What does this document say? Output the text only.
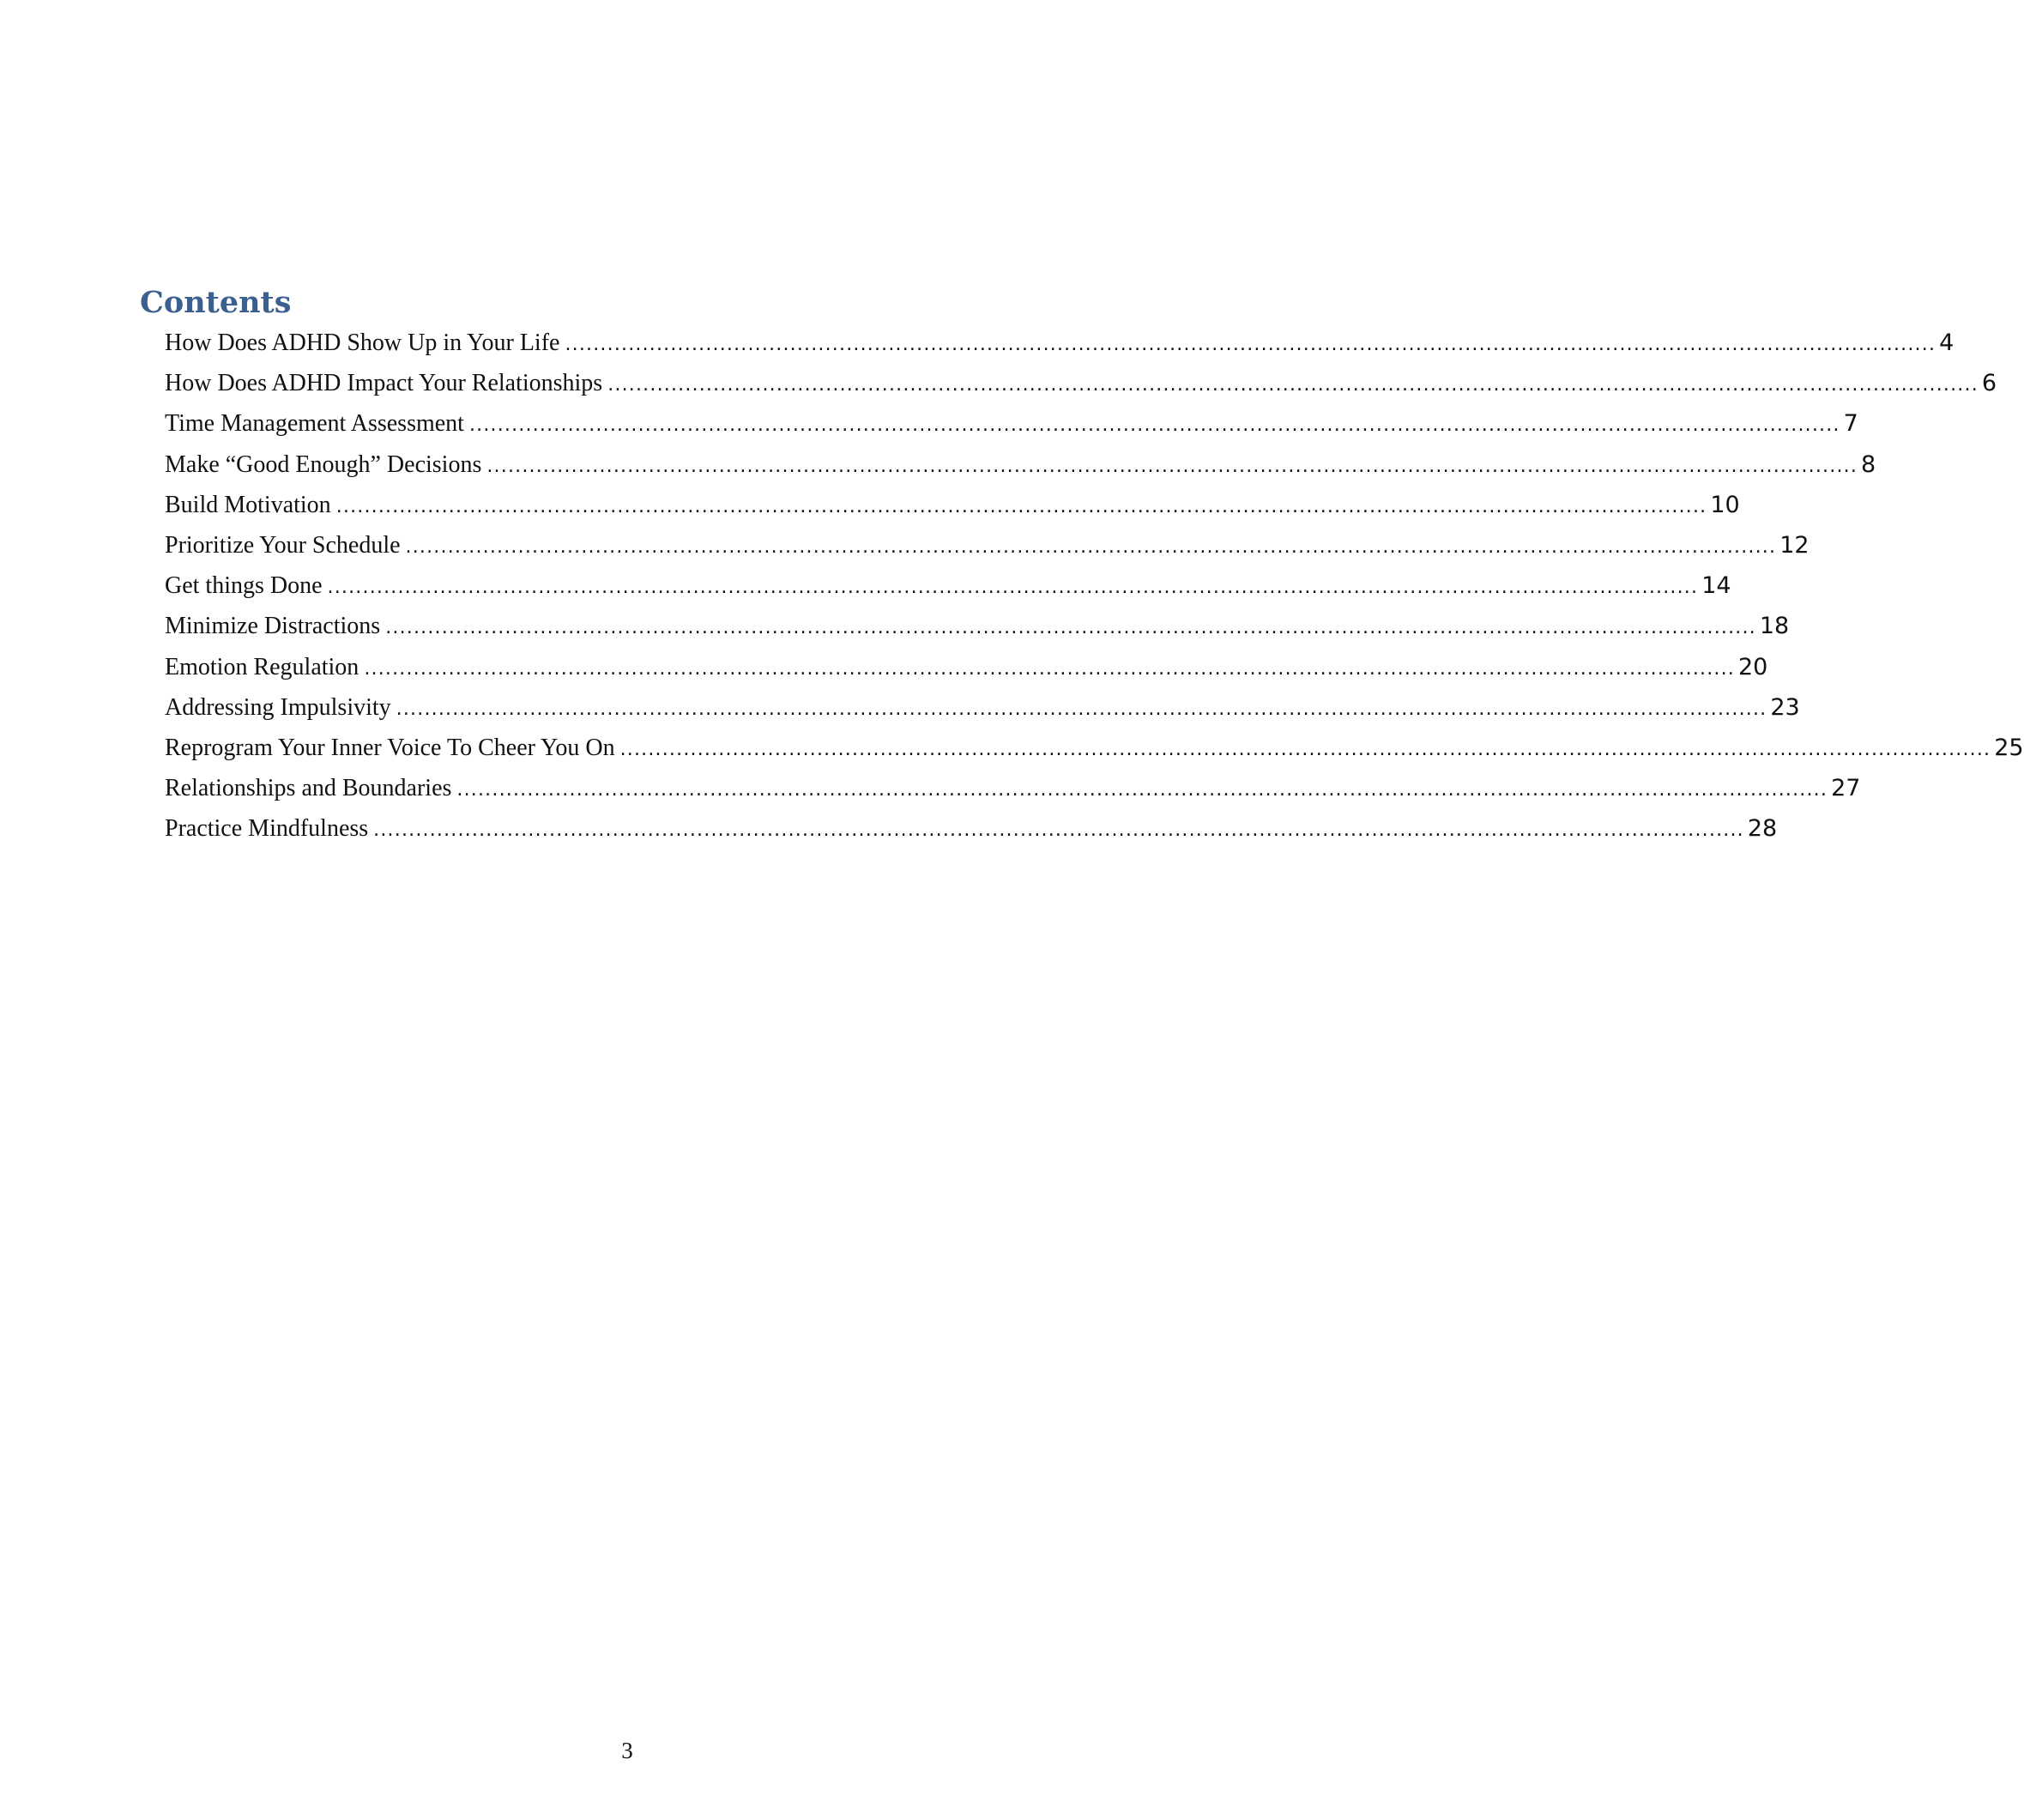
Contents
How Does ADHD Show Up in Your Life ................................................................................................................................................................................................... 4
How Does ADHD Impact Your Relationships ................................................................................................................................................................................................... 6
Time Management Assessment ................................................................................................................................................................................................... 7
Make “Good Enough” Decisions ................................................................................................................................................................................................... 8
Build Motivation ................................................................................................................................................................................................... 10
Prioritize Your Schedule ................................................................................................................................................................................................... 12
Get things Done ................................................................................................................................................................................................... 14
Minimize Distractions ................................................................................................................................................................................................... 18
Emotion Regulation ................................................................................................................................................................................................... 20
Addressing Impulsivity ................................................................................................................................................................................................... 23
Reprogram Your Inner Voice To Cheer You On ................................................................................................................................................................................................... 25
Relationships and Boundaries ................................................................................................................................................................................................... 27
Practice Mindfulness ................................................................................................................................................................................................... 28
3
